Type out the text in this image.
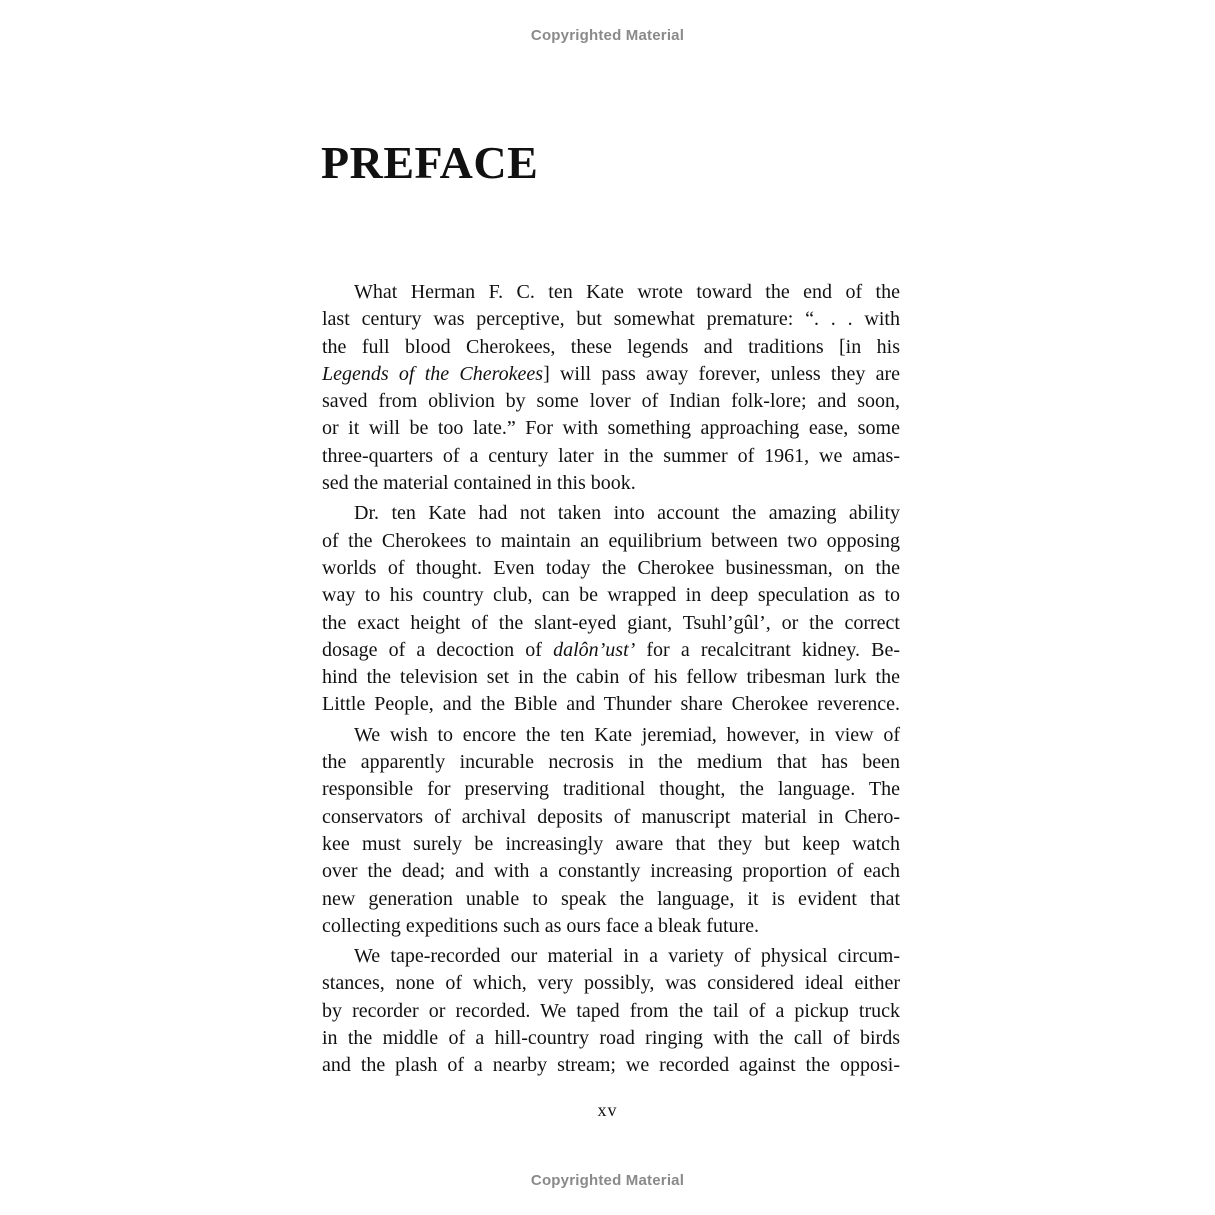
Copyrighted Material
PREFACE
What Herman F. C. ten Kate wrote toward the end of the
last century was perceptive, but somewhat premature: “. . . with
the full blood Cherokees, these legends and traditions [in his
Legends of the Cherokees] will pass away forever, unless they are
saved from oblivion by some lover of Indian folk-lore; and soon,
or it will be too late.” For with something approaching ease, some
three-quarters of a century later in the summer of 1961, we amas-
sed the material contained in this book.
Dr. ten Kate had not taken into account the amazing ability
of the Cherokees to maintain an equilibrium between two opposing
worlds of thought. Even today the Cherokee businessman, on the
way to his country club, can be wrapped in deep speculation as to
the exact height of the slant-eyed giant, Tsuhl’gûl’, or the correct
dosage of a decoction of dalôn’ust’ for a recalcitrant kidney. Be-
hind the television set in the cabin of his fellow tribesman lurk the
Little People, and the Bible and Thunder share Cherokee reverence.
We wish to encore the ten Kate jeremiad, however, in view of
the apparently incurable necrosis in the medium that has been
responsible for preserving traditional thought, the language. The
conservators of archival deposits of manuscript material in Chero-
kee must surely be increasingly aware that they but keep watch
over the dead; and with a constantly increasing proportion of each
new generation unable to speak the language, it is evident that
collecting expeditions such as ours face a bleak future.
We tape-recorded our material in a variety of physical circum-
stances, none of which, very possibly, was considered ideal either
by recorder or recorded. We taped from the tail of a pickup truck
in the middle of a hill-country road ringing with the call of birds
and the plash of a nearby stream; we recorded against the opposi-
xv
Copyrighted Material
